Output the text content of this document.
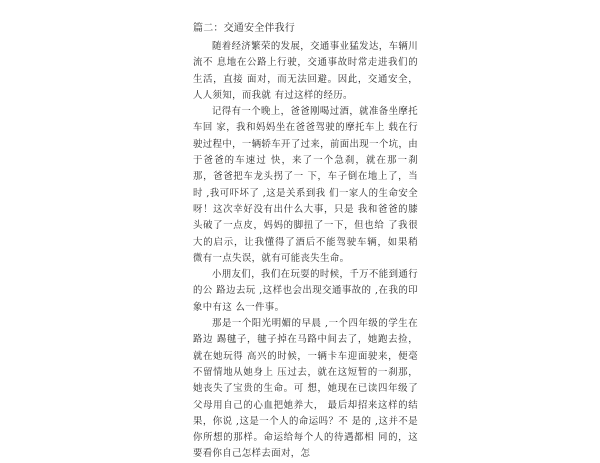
篇二：交通安全伴我行

随着经济繁荣的发展，交通事业猛发达，车辆川流不 息地在公路上行驶，交通事故时常走进我们的生活，直接 面对，而无法回避。因此，交通安全，人人须知，而我就 有过这样的经历。

记得有一个晚上，爸爸刚喝过酒，就准备坐摩托车回 家，我和妈妈坐在爸爸驾驶的摩托车上 载在行驶过程中，一辆轿车开了过来，前面出现一个坑，由于爸爸的车速过 快，来了一个急刹，就在那一刹那，爸爸把车龙头拐了一 下，车子倒在地上了，当时 ,我可吓坏了 ,这是关系到我 们一家人的生命安全呀！这次幸好没有出什么大事，只是 我和爸爸的膝头破了一点皮，妈妈的脚扭了一下，但也给 了我很大的启示，让我懂得了酒后不能驾驶车辆，如果稍 微有一点失误，就有可能丧失生命。

小朋友们，我们在玩耍的时候，千万不能到通行的公 路边去玩 ,这样也会出现交通事故的 ,在我的印象中有这 么一件事。

那是一个阳光明媚的早晨 ,一个四年级的学生在路边 踢毽子，毽子掉在马路中间去了，她跑去捡，就在她玩得 高兴的时候，一辆卡车迎面驶来，便毫不留情地从她身上 压过去，就在这短暂的一刹那，她丧失了宝贵的生命。可 想，她现在已读四年级了 父母用自己的心血把她养大， 最后却招来这样的结果，你说 ,这是一个人的命运吗？不 是的 ,这并不是你所想的那样。命运给每个人的待遇都相 同的，这要看你自己怎样去面对，怎
